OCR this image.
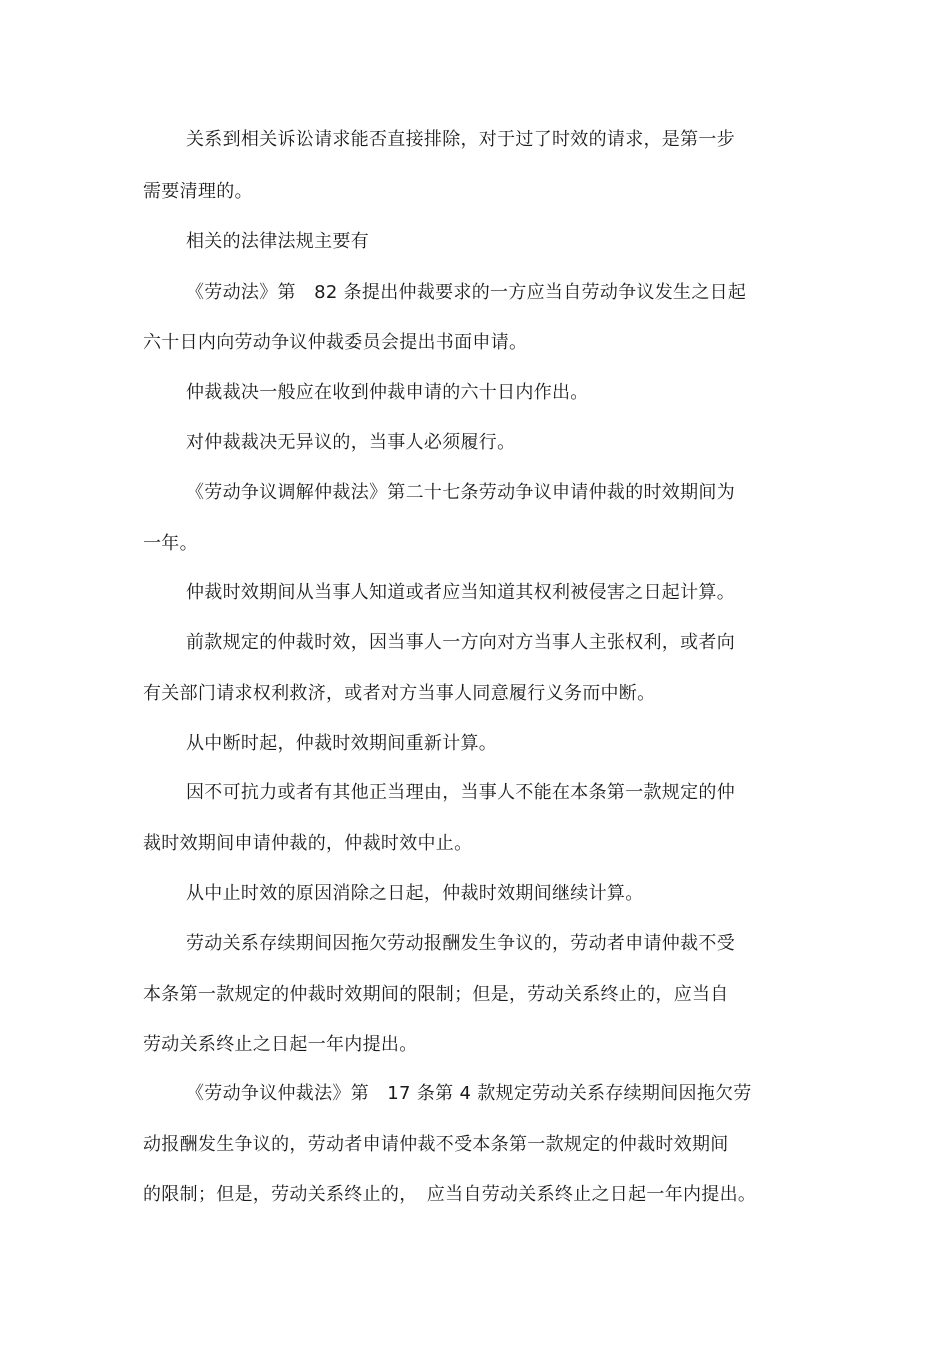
关系到相关诉讼请求能否直接排除，对于过了时效的请求，是第一步
需要清理的。
相关的法律法规主要有
《劳动法》第　82 条提出仲裁要求的一方应当自劳动争议发生之日起
六十日内向劳动争议仲裁委员会提出书面申请。
仲裁裁决一般应在收到仲裁申请的六十日内作出。
对仲裁裁决无异议的，当事人必须履行。
《劳动争议调解仲裁法》第二十七条劳动争议申请仲裁的时效期间为
一年。
仲裁时效期间从当事人知道或者应当知道其权利被侵害之日起计算。
前款规定的仲裁时效，因当事人一方向对方当事人主张权利，或者向
有关部门请求权利救济，或者对方当事人同意履行义务而中断。
从中断时起，仲裁时效期间重新计算。
因不可抗力或者有其他正当理由，当事人不能在本条第一款规定的仲
裁时效期间申请仲裁的，仲裁时效中止。
从中止时效的原因消除之日起，仲裁时效期间继续计算。
劳动关系存续期间因拖欠劳动报酬发生争议的，劳动者申请仲裁不受
本条第一款规定的仲裁时效期间的限制；但是，劳动关系终止的，应当自
劳动关系终止之日起一年内提出。
《劳动争议仲裁法》第　17 条第 4 款规定劳动关系存续期间因拖欠劳
动报酬发生争议的，劳动者申请仲裁不受本条第一款规定的仲裁时效期间
的限制；但是，劳动关系终止的，　应当自劳动关系终止之日起一年内提出。
